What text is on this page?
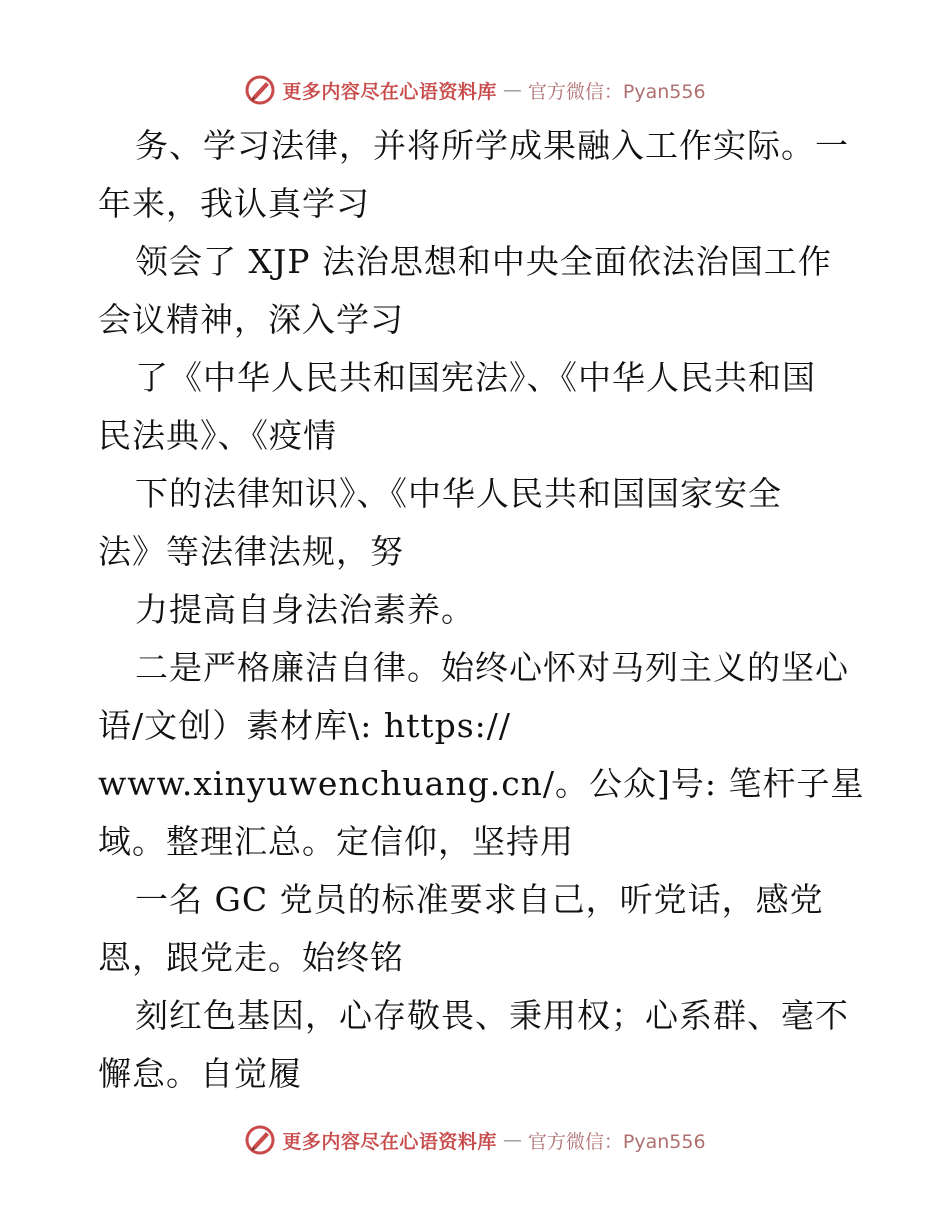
更多内容尽在心语资料库 — 官方微信：Pyan556
务、学习法律，并将所学成果融入工作实际。一
年来，我认真学习
领会了 XJP 法治思想和中央全面依法治国工作
会议精神，深入学习
了《中华人民共和国宪法》、《中华人民共和国
民法典》、《疫情
下的法律知识》、《中华人民共和国国家安全
法》等法律法规，努
力提高自身法治素养。
二是严格廉洁自律。始终心怀对马列主义的坚心
语/文创）素材库\: https://
www.xinyuwenchuang.cn/。公众]号: 笔杆子星
域。整理汇总。定信仰，坚持用
一名 GC 党员的标准要求自己，听党话，感党
恩，跟党走。始终铭
刻红色基因，心存敬畏、秉用权；心系群、毫不
懈怠。自觉履
更多内容尽在心语资料库 — 官方微信：Pyan556
